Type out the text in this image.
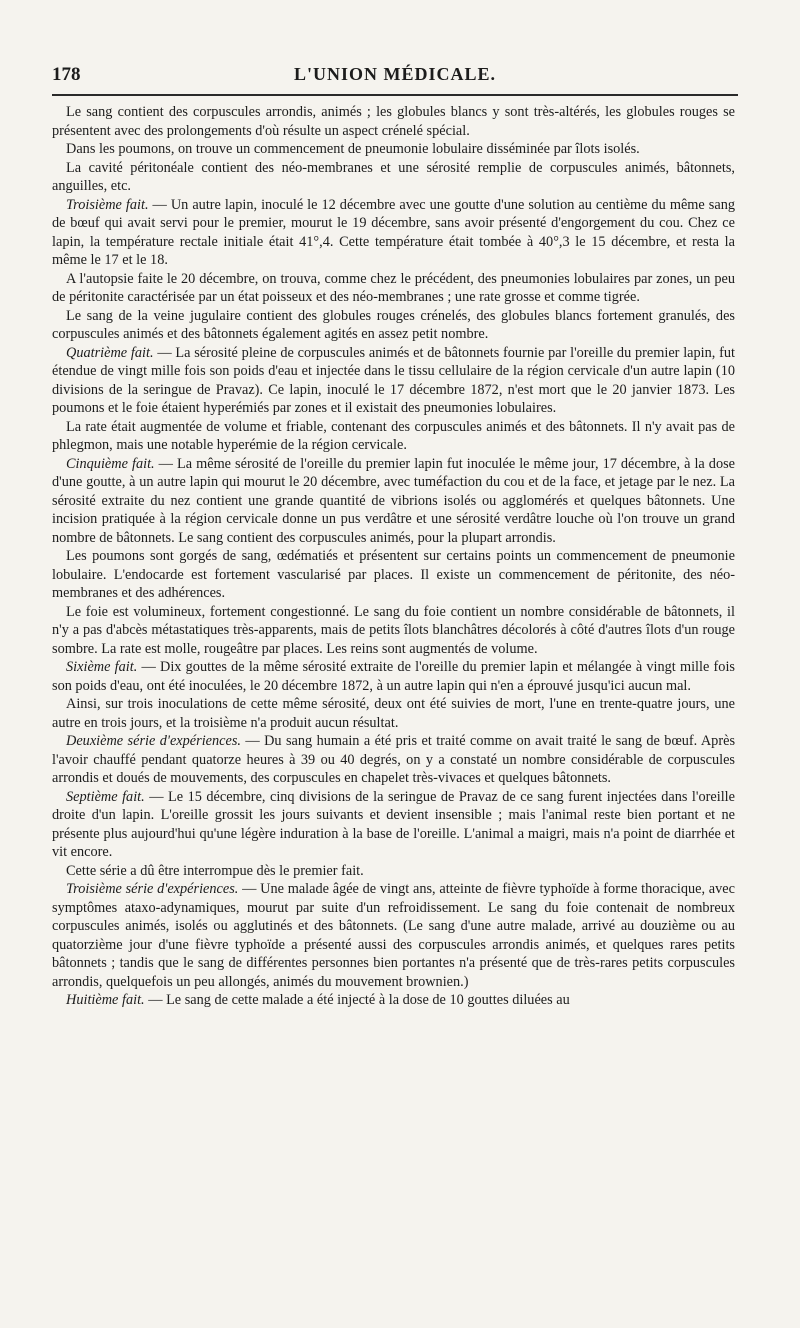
178	L'UNION MÉDICALE.

Le sang contient des corpuscules arrondis, animés ; les globules blancs y sont très-altérés, les globules rouges se présentent avec des prolongements d'où résulte un aspect crénelé spécial.

Dans les poumons, on trouve un commencement de pneumonie lobulaire disséminée par îlots isolés.

La cavité péritonéale contient des néo-membranes et une sérosité remplie de corpuscules animés, bâtonnets, anguilles, etc.

Troisième fait. — Un autre lapin, inoculé le 12 décembre avec une goutte d'une solution au centième du même sang de bœuf qui avait servi pour le premier, mourut le 19 décembre, sans avoir présenté d'engorgement du cou. Chez ce lapin, la température rectale initiale était 41°,4. Cette température était tombée à 40°,3 le 15 décembre, et resta la même le 17 et le 18.

A l'autopsie faite le 20 décembre, on trouva, comme chez le précédent, des pneumonies lobulaires par zones, un peu de péritonite caractérisée par un état poisseux et des néo-membranes ; une rate grosse et comme tigrée.

Le sang de la veine jugulaire contient des globules rouges crénelés, des globules blancs fortement granulés, des corpuscules animés et des bâtonnets également agités en assez petit nombre.

Quatrième fait. — La sérosité pleine de corpuscules animés et de bâtonnets fournie par l'oreille du premier lapin, fut étendue de vingt mille fois son poids d'eau et injectée dans le tissu cellulaire de la région cervicale d'un autre lapin (10 divisions de la seringue de Pravaz). Ce lapin, inoculé le 17 décembre 1872, n'est mort que le 20 janvier 1873. Les poumons et le foie étaient hyperémiés par zones et il existait des pneumonies lobulaires.

La rate était augmentée de volume et friable, contenant des corpuscules animés et des bâtonnets. Il n'y avait pas de phlegmon, mais une notable hyperémie de la région cervicale.

Cinquième fait. — La même sérosité de l'oreille du premier lapin fut inoculée le même jour, 17 décembre, à la dose d'une goutte, à un autre lapin qui mourut le 20 décembre, avec tuméfaction du cou et de la face, et jetage par le nez. La sérosité extraite du nez contient une grande quantité de vibrions isolés ou agglomérés et quelques bâtonnets. Une incision pratiquée à la région cervicale donne un pus verdâtre et une sérosité verdâtre louche où l'on trouve un grand nombre de bâtonnets. Le sang contient des corpuscules animés, pour la plupart arrondis.

Les poumons sont gorgés de sang, œdématiés et présentent sur certains points un commencement de pneumonie lobulaire. L'endocarde est fortement vascularisé par places. Il existe un commencement de péritonite, des néo-membranes et des adhérences.

Le foie est volumineux, fortement congestionné. Le sang du foie contient un nombre considérable de bâtonnets, il n'y a pas d'abcès métastatiques très-apparents, mais de petits îlots blanchâtres décolorés à côté d'autres îlots d'un rouge sombre. La rate est molle, rougeâtre par places. Les reins sont augmentés de volume.

Sixième fait. — Dix gouttes de la même sérosité extraite de l'oreille du premier lapin et mélangée à vingt mille fois son poids d'eau, ont été inoculées, le 20 décembre 1872, à un autre lapin qui n'en a éprouvé jusqu'ici aucun mal.

Ainsi, sur trois inoculations de cette même sérosité, deux ont été suivies de mort, l'une en trente-quatre jours, une autre en trois jours, et la troisième n'a produit aucun résultat.

Deuxième série d'expériences. — Du sang humain a été pris et traité comme on avait traité le sang de bœuf. Après l'avoir chauffé pendant quatorze heures à 39 ou 40 degrés, on y a constaté un nombre considérable de corpuscules arrondis et doués de mouvements, des corpuscules en chapelet très-vivaces et quelques bâtonnets.

Septième fait. — Le 15 décembre, cinq divisions de la seringue de Pravaz de ce sang furent injectées dans l'oreille droite d'un lapin. L'oreille grossit les jours suivants et devient insensible ; mais l'animal reste bien portant et ne présente plus aujourd'hui qu'une légère induration à la base de l'oreille. L'animal a maigri, mais n'a point de diarrhée et vit encore.

Cette série a dû être interrompue dès le premier fait.

Troisième série d'expériences. — Une malade âgée de vingt ans, atteinte de fièvre typhoïde à forme thoracique, avec symptômes ataxo-adynamiques, mourut par suite d'un refroidissement. Le sang du foie contenait de nombreux corpuscules animés, isolés ou agglutinés et des bâtonnets. (Le sang d'une autre malade, arrivé au douzième ou au quatorzième jour d'une fièvre typhoïde a présenté aussi des corpuscules arrondis animés, et quelques rares petits bâtonnets ; tandis que le sang de différentes personnes bien portantes n'a présenté que de très-rares petits corpuscules arrondis, quelquefois un peu allongés, animés du mouvement brownien.)

Huitième fait. — Le sang de cette malade a été injecté à la dose de 10 gouttes diluées au
